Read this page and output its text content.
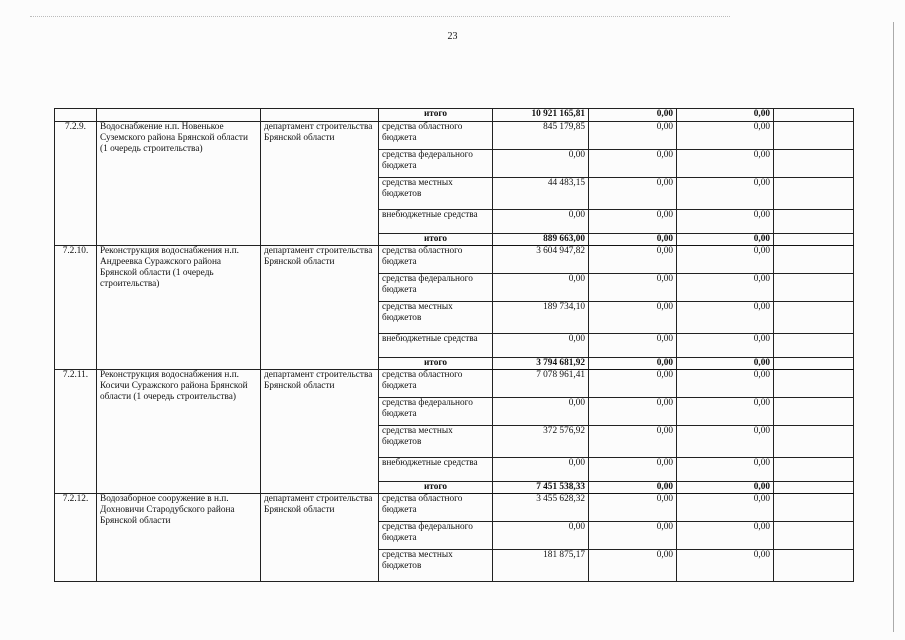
23
			итого	10 921 165,81	0,00	0,00	
7.2.9.	Водоснабжение н.п. Новенькое Суземского района Брянской области (1 очередь строительства)	департамент строительства Брянской области	средства областного бюджета	845 179,85	0,00	0,00	
			средства федерального бюджета	0,00	0,00	0,00	
			средства местных бюджетов	44 483,15	0,00	0,00	
			внебюджетные средства	0,00	0,00	0,00	
			итого	889 663,00	0,00	0,00	
7.2.10.	Реконструкция водоснабжения н.п. Андреевка Суражского района Брянской области (1 очередь строительства)	департамент строительства Брянской области	средства областного бюджета	3 604 947,82	0,00	0,00	
			средства федерального бюджета	0,00	0,00	0,00	
			средства местных бюджетов	189 734,10	0,00	0,00	
			внебюджетные средства	0,00	0,00	0,00	
			итого	3 794 681,92	0,00	0,00	
7.2.11.	Реконструкция водоснабжения н.п. Косичи Суражского района Брянской области (1 очередь строительства)	департамент строительства Брянской области	средства областного бюджета	7 078 961,41	0,00	0,00	
			средства федерального бюджета	0,00	0,00	0,00	
			средства местных бюджетов	372 576,92	0,00	0,00	
			внебюджетные средства	0,00	0,00	0,00	
			итого	7 451 538,33	0,00	0,00	
7.2.12.	Водозаборное сооружение в н.п. Дохновичи Стародубского района Брянской области	департамент строительства Брянской области	средства областного бюджета	3 455 628,32	0,00	0,00	
			средства федерального бюджета	0,00	0,00	0,00	
			средства местных бюджетов	181 875,17	0,00	0,00	
